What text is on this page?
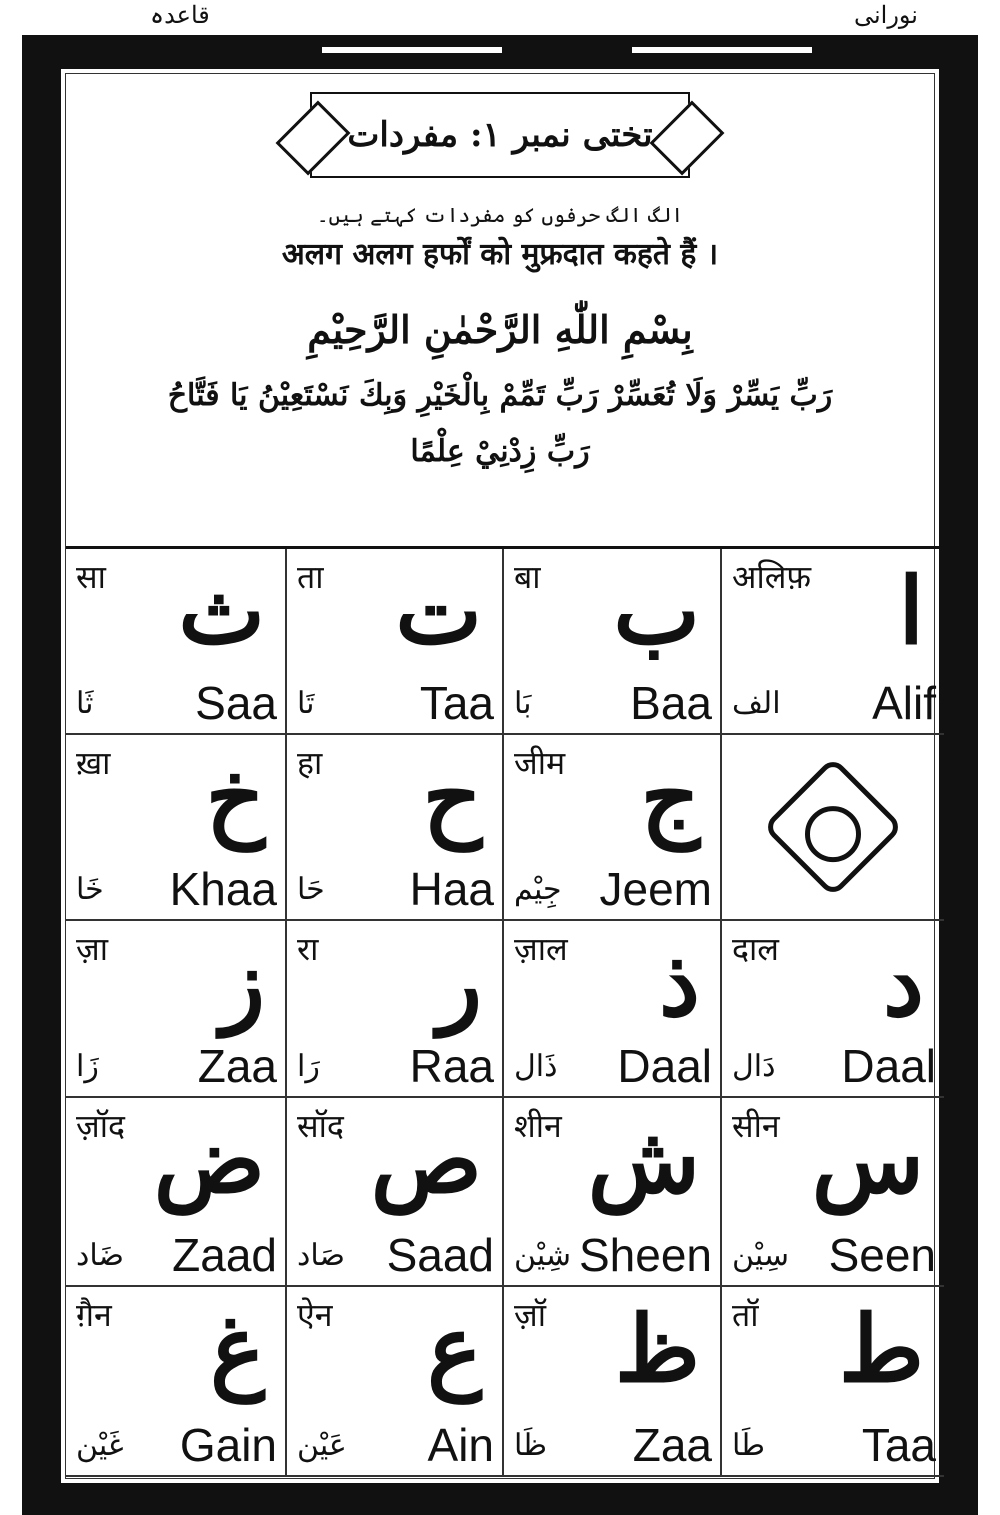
قاعدہ	نورانی
تختی نمبر ۱: مفردات
الگ الگ حرفوں کو مفردات کہتے ہیں۔
अलग अलग हर्फों को मुफ्रदात कहते हैं ।
بِسْمِ اللّٰهِ الرَّحْمٰنِ الرَّحِيْمِ
رَبِّ يَسِّرْ وَلَا تُعَسِّرْ رَبِّ تَمِّمْ بِالْخَيْرِ وَبِكَ نَسْتَعِيْنُ يَا فَتَّاحُ
رَبِّ زِدْنِيْ عِلْمًا
सा ث
ثَا Saa
ता ت
تَا Taa
बा ب
بَا Baa
अलिफ़ ا
الف Alif
ख़ा خ
خَا Khaa
हा ح
حَا Haa
जीम ج
جِیْم Jeem
ज़ा ز
زَا Zaa
रा ر
رَا Raa
ज़ाल ذ
ذَال Daal
दाल د
دَال Daal
ज़ॉद ض
ضَاد Zaad
सॉद ص
صَاد Saad
शीन ش
شِیْن Sheen
सीन س
سِیْن Seen
ग़ैन غ
غَیْن Gain
ऐन ع
عَیْن Ain
ज़ॉ ظ
ظَا Zaa
तॉ ط
طَا Taa
